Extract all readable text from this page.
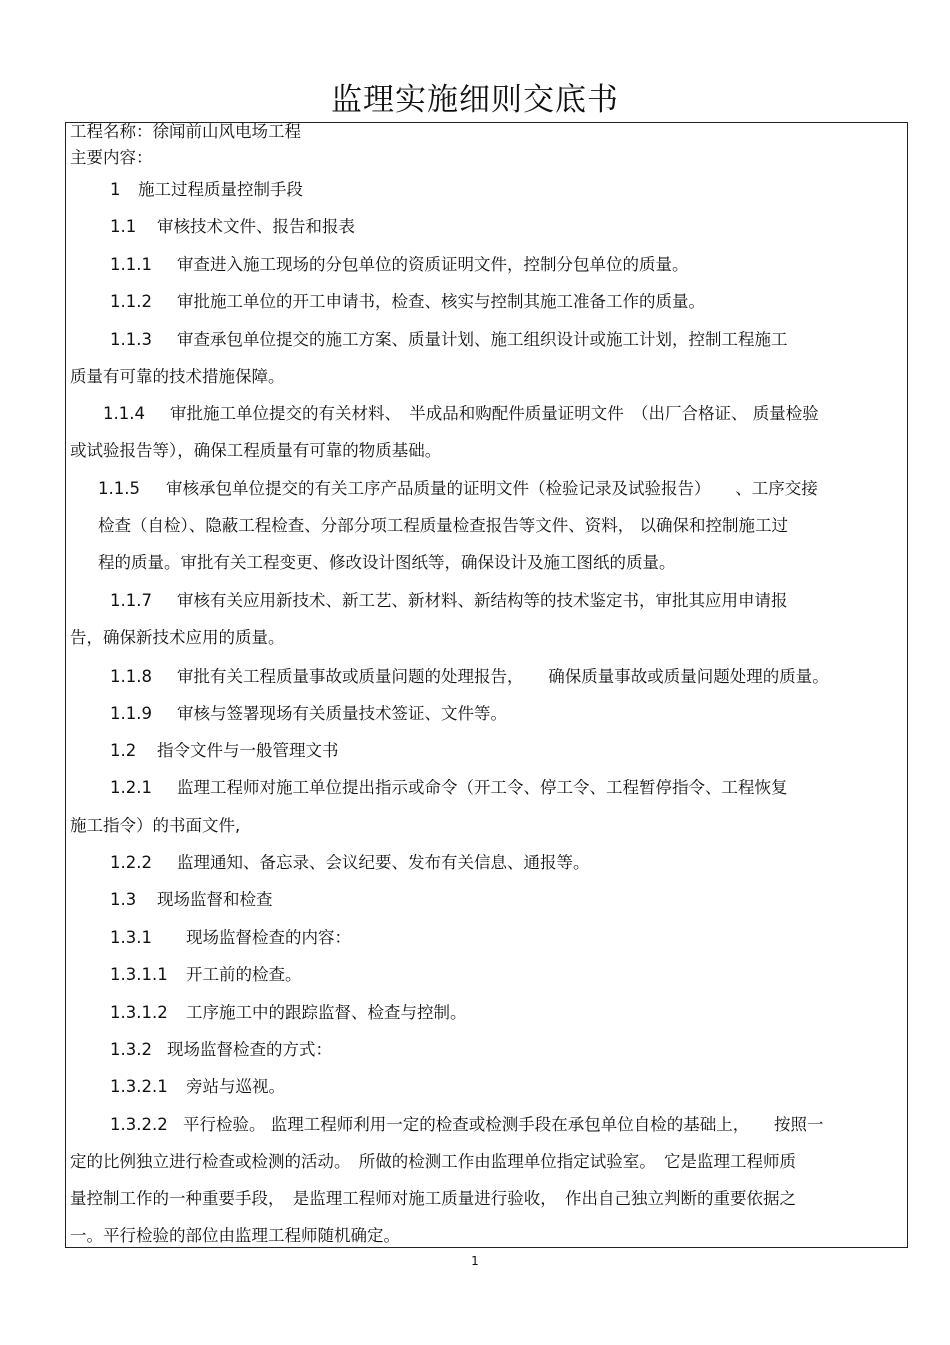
监理实施细则交底书
工程名称：徐闻前山风电场工程
主要内容：
1 施工过程质量控制手段
1.1 审核技术文件、报告和报表
1.1.1 审查进入施工现场的分包单位的资质证明文件，控制分包单位的质量。
1.1.2 审批施工单位的开工申请书，检查、核实与控制其施工准备工作的质量。
1.1.3 审查承包单位提交的施工方案、质量计划、施工组织设计或施工计划，控制工程施工
质量有可靠的技术措施保障。
1.1.4 审批施工单位提交的有关材料、　半成品和购配件质量证明文件　（出厂合格证、 质量检验
或试验报告等），确保工程质量有可靠的物质基础。
1.1.5 审核承包单位提交的有关工序产品质量的证明文件（检验记录及试验报告）　　、工序交接
检查（自检）、隐蔽工程检查、分部分项工程质量检查报告等文件、资料， 以确保和控制施工过
程的质量。审批有关工程变更、修改设计图纸等，确保设计及施工图纸的质量。
1.1.7 审核有关应用新技术、新工艺、新材料、新结构等的技术鉴定书，审批其应用申请报
告，确保新技术应用的质量。
1.1.8 审批有关工程质量事故或质量问题的处理报告，　　确保质量事故或质量问题处理的质量。
1.1.9 审核与签署现场有关质量技术签证、文件等。
1.2 指令文件与一般管理文书
1.2.1 监理工程师对施工单位提出指示或命令（开工令、停工令、工程暂停指令、工程恢复
施工指令）的书面文件,
1.2.2 监理通知、备忘录、会议纪要、发布有关信息、通报等。
1.3 现场监督和检查
1.3.1 现场监督检查的内容：
1.3.1.1 开工前的检查。
1.3.1.2 工序施工中的跟踪监督、检查与控制。
1.3.2 现场监督检查的方式：
1.3.2.1 旁站与巡视。
1.3.2.2 平行检验。 监理工程师利用一定的检查或检测手段在承包单位自检的基础上，　　按照一
定的比例独立进行检查或检测的活动。　所做的检测工作由监理单位指定试验室。　它是监理工程师质
量控制工作的一种重要手段，　是监理工程师对施工质量进行验收，　作出自己独立判断的重要依据之
一。平行检验的部位由监理工程师随机确定。
1
